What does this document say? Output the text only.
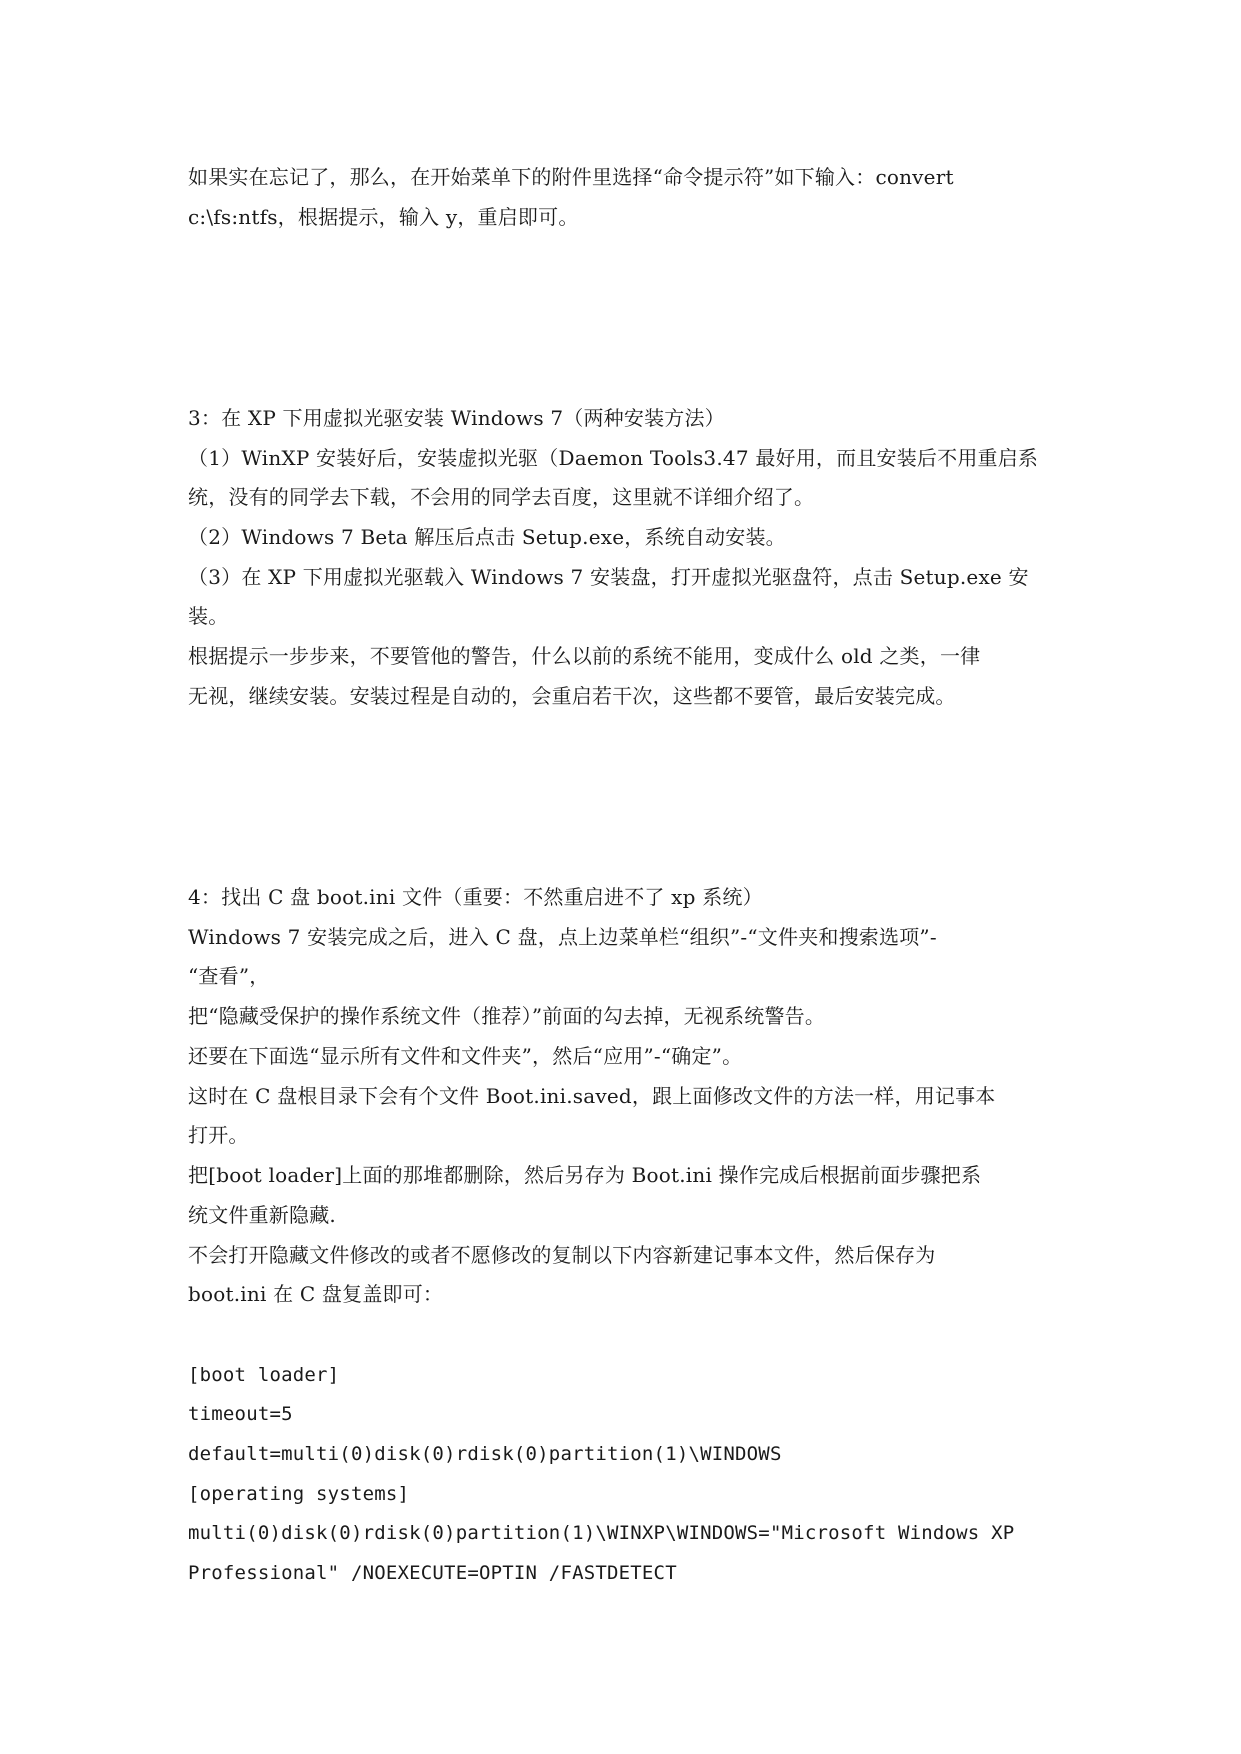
如果实在忘记了，那么，在开始菜单下的附件里选择“命令提示符”如下输入：convert
c:\fs:ntfs，根据提示，输入 y，重启即可。
3：在 XP 下用虚拟光驱安装 Windows 7（两种安装方法）
（1）WinXP 安装好后，安装虚拟光驱（Daemon Tools3.47 最好用，而且安装后不用重启系
统，没有的同学去下载，不会用的同学去百度，这里就不详细介绍了。
（2）Windows 7 Beta 解压后点击 Setup.exe，系统自动安装。
（3）在 XP 下用虚拟光驱载入 Windows 7 安装盘，打开虚拟光驱盘符，点击 Setup.exe 安
装。
根据提示一步步来，不要管他的警告，什么以前的系统不能用，变成什么 old 之类，一律
无视，继续安装。安装过程是自动的，会重启若干次，这些都不要管，最后安装完成。
4：找出 C 盘 boot.ini 文件（重要：不然重启进不了 xp 系统）
Windows 7 安装完成之后，进入 C 盘，点上边菜单栏“组织”-“文件夹和搜索选项”-
“查看”，
把“隐藏受保护的操作系统文件（推荐）”前面的勾去掉，无视系统警告。
还要在下面选“显示所有文件和文件夹”，然后“应用”-“确定”。
这时在 C 盘根目录下会有个文件 Boot.ini.saved，跟上面修改文件的方法一样，用记事本
打开。
把[boot loader]上面的那堆都删除，然后另存为 Boot.ini 操作完成后根据前面步骤把系
统文件重新隐藏.
不会打开隐藏文件修改的或者不愿修改的复制以下内容新建记事本文件，然后保存为
boot.ini 在 C 盘复盖即可：
[boot loader]
timeout=5
default=multi(0)disk(0)rdisk(0)partition(1)\WINDOWS
[operating systems]
multi(0)disk(0)rdisk(0)partition(1)\WINXP\WINDOWS="Microsoft Windows XP
Professional" /NOEXECUTE=OPTIN /FASTDETECT
